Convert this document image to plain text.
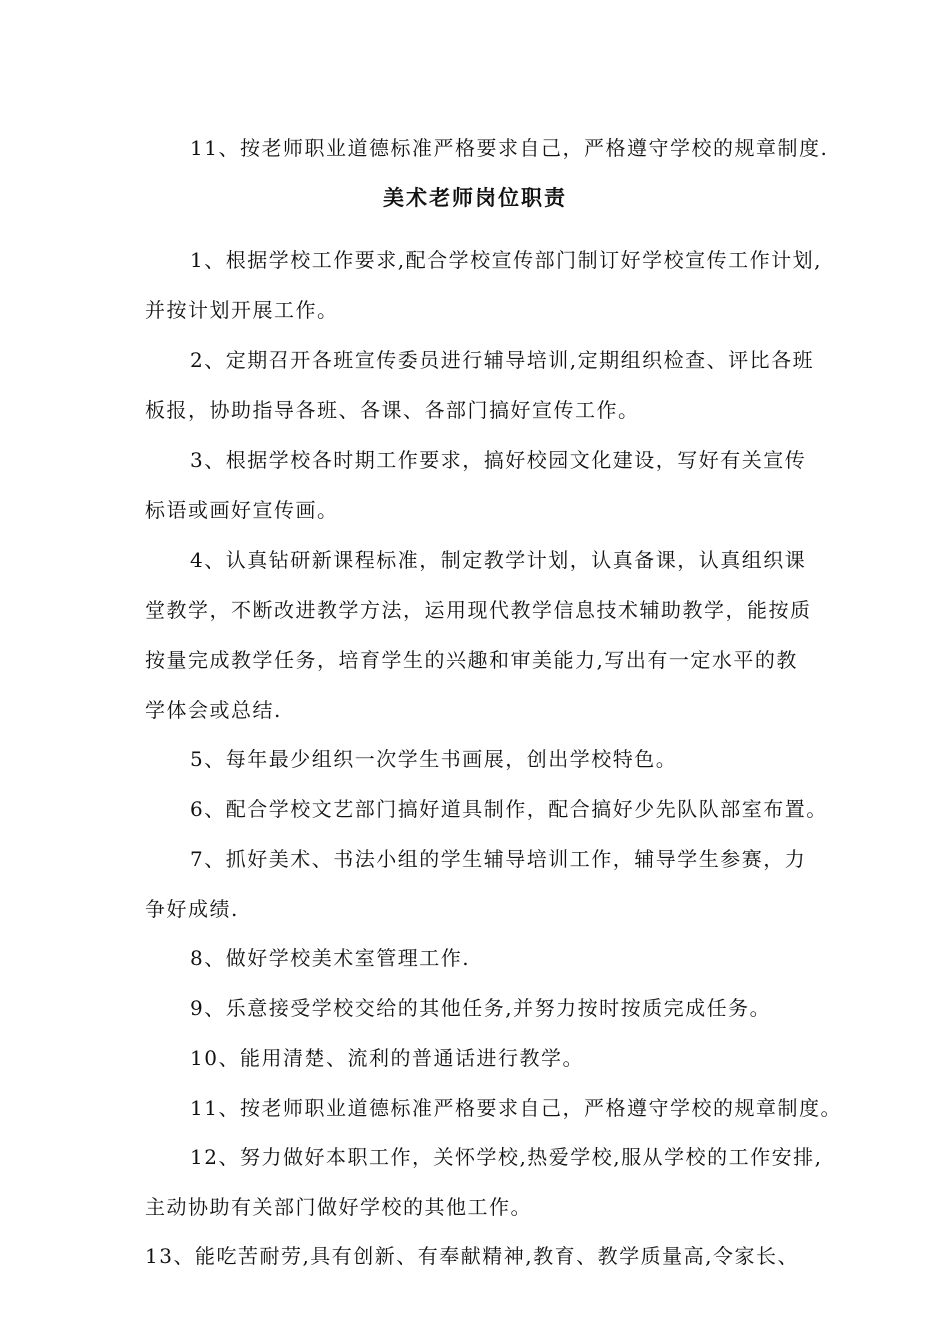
11、按老师职业道德标准严格要求自己，严格遵守学校的规章制度.
美术老师岗位职责
1、根据学校工作要求,配合学校宣传部门制订好学校宣传工作计划,
并按计划开展工作。
2、定期召开各班宣传委员进行辅导培训,定期组织检查、评比各班
板报，协助指导各班、各课、各部门搞好宣传工作。
3、根据学校各时期工作要求，搞好校园文化建设，写好有关宣传
标语或画好宣传画。
4、认真钻研新课程标准，制定教学计划，认真备课，认真组织课
堂教学，不断改进教学方法，运用现代教学信息技术辅助教学，能按质
按量完成教学任务，培育学生的兴趣和审美能力,写出有一定水平的教
学体会或总结.
5、每年最少组织一次学生书画展，创出学校特色。
6、配合学校文艺部门搞好道具制作，配合搞好少先队队部室布置。
7、抓好美术、书法小组的学生辅导培训工作，辅导学生参赛，力
争好成绩.
8、做好学校美术室管理工作.
9、乐意接受学校交给的其他任务,并努力按时按质完成任务。
10、能用清楚、流利的普通话进行教学。
11、按老师职业道德标准严格要求自己，严格遵守学校的规章制度。
12、努力做好本职工作，关怀学校,热爱学校,服从学校的工作安排,
主动协助有关部门做好学校的其他工作。
13、能吃苦耐劳,具有创新、有奉献精神,教育、教学质量高,令家长、
